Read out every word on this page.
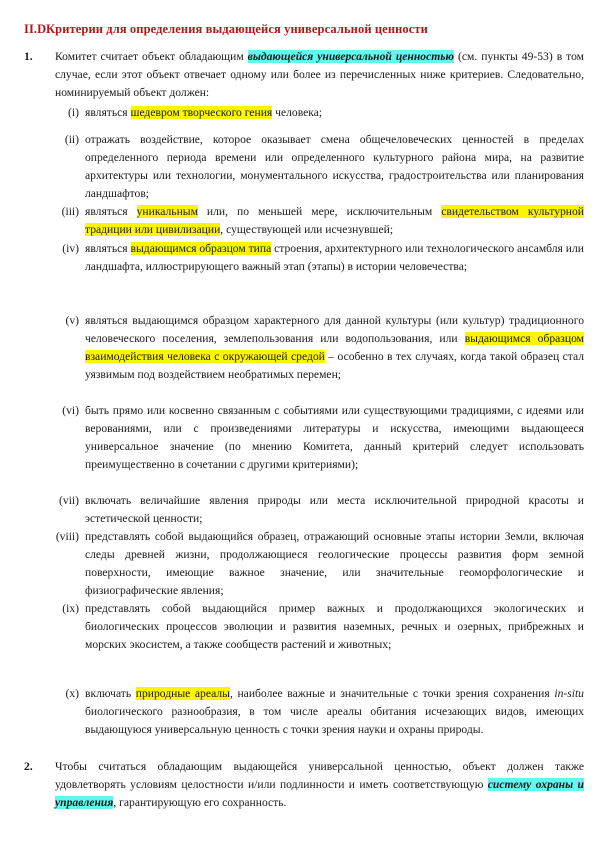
II.D Критерии для определения выдающейся универсальной ценности
1.	Комитет считает объект обладающим выдающейся универсальной ценностью (см. пункты 49-53) в том случае, если этот объект отвечает одному или более из перечисленных ниже критериев. Следовательно, номинируемый объект должен:
(i) являться шедевром творческого гения человека;
(ii) отражать воздействие, которое оказывает смена общечеловеческих ценностей в пределах определенного периода времени или определенного культурного района мира, на развитие архитектуры или технологии, монументального искусства, градостроительства или планирования ландшафтов;
(iii) являться уникальным или, по меньшей мере, исключительным свидетельством культурной традиции или цивилизации, существующей или исчезнувшей;
(iv) являться выдающимся образцом типа строения, архитектурного или технологического ансамбля или ландшафта, иллюстрирующего важный этап (этапы) в истории человечества;
(v) являться выдающимся образцом характерного для данной культуры (или культур) традиционного человеческого поселения, землепользования или водопользования, или выдающимся образцом взаимодействия человека с окружающей средой – особенно в тех случаях, когда такой образец стал уязвимым под воздействием необратимых перемен;
(vi) быть прямо или косвенно связанным с событиями или существующими традициями, с идеями или верованиями, или с произведениями литературы и искусства, имеющими выдающееся универсальное значение (по мнению Комитета, данный критерий следует использовать преимущественно в сочетании с другими критериями);
(vii) включать величайшие явления природы или места исключительной природной красоты и эстетической ценности;
(viii) представлять собой выдающийся образец, отражающий основные этапы истории Земли, включая следы древней жизни, продолжающиеся геологические процессы развития форм земной поверхности, имеющие важное значение, или значительные геоморфологические и физиографические явления;
(ix) представлять собой выдающийся пример важных и продолжающихся экологических и биологических процессов эволюции и развития наземных, речных и озерных, прибрежных и морских экосистем, а также сообществ растений и животных;
(x) включать природные ареалы, наиболее важные и значительные с точки зрения сохранения in-situ биологического разнообразия, в том числе ареалы обитания исчезающих видов, имеющих выдающуюся универсальную ценность с точки зрения науки и охраны природы.
2.	Чтобы считаться обладающим выдающейся универсальной ценностью, объект должен также удовлетворять условиям целостности и/или подлинности и иметь соответствующую систему охраны и управления, гарантирующую его сохранность.
